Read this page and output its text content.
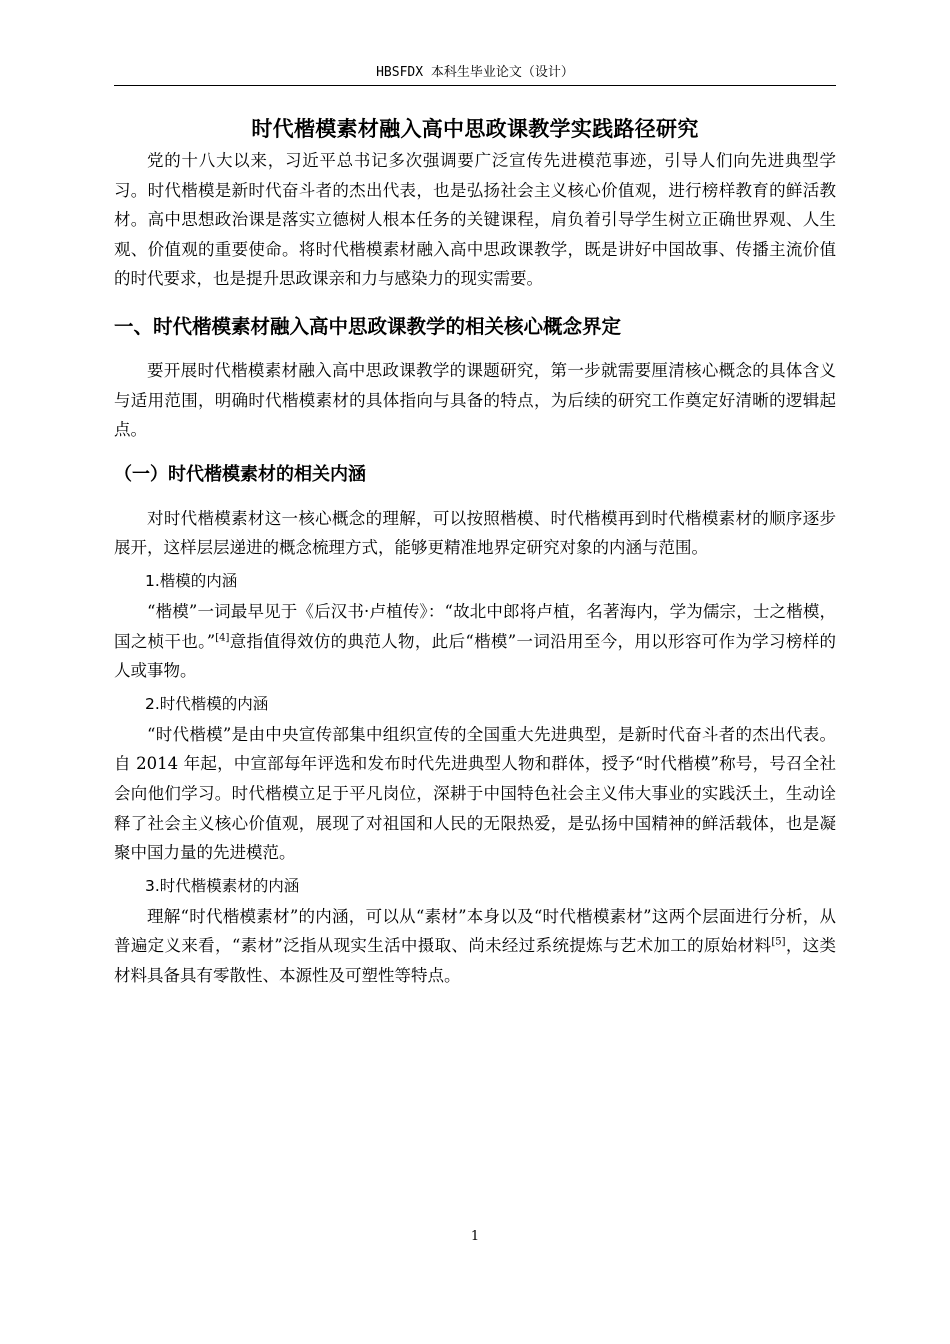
HBSFDX 本科生毕业论文（设计）
时代楷模素材融入高中思政课教学实践路径研究

党的十八大以来，习近平总书记多次强调要广泛宣传先进模范事迹，引导人们向先进典型学习。时代楷模是新时代奋斗者的杰出代表，也是弘扬社会主义核心价值观，进行榜样教育的鲜活教材。高中思想政治课是落实立德树人根本任务的关键课程，肩负着引导学生树立正确世界观、人生观、价值观的重要使命。将时代楷模素材融入高中思政课教学，既是讲好中国故事、传播主流价值的时代要求，也是提升思政课亲和力与感染力的现实需要。

一、时代楷模素材融入高中思政课教学的相关核心概念界定

要开展时代楷模素材融入高中思政课教学的课题研究，第一步就需要厘清核心概念的具体含义与适用范围，明确时代楷模素材的具体指向与具备的特点，为后续的研究工作奠定好清晰的逻辑起点。

（一）时代楷模素材的相关内涵

对时代楷模素材这一核心概念的理解，可以按照楷模、时代楷模再到时代楷模素材的顺序逐步展开，这样层层递进的概念梳理方式，能够更精准地界定研究对象的内涵与范围。

1.楷模的内涵

“楷模”一词最早见于《后汉书·卢植传》：“故北中郎将卢植，名著海内，学为儒宗，士之楷模，国之桢干也。”[4]意指值得效仿的典范人物，此后“楷模”一词沿用至今，用以形容可作为学习榜样的人或事物。

2.时代楷模的内涵

“时代楷模”是由中央宣传部集中组织宣传的全国重大先进典型，是新时代奋斗者的杰出代表。自 2014 年起，中宣部每年评选和发布时代先进典型人物和群体，授予“时代楷模”称号，号召全社会向他们学习。时代楷模立足于平凡岗位，深耕于中国特色社会主义伟大事业的实践沃土，生动诠释了社会主义核心价值观，展现了对祖国和人民的无限热爱，是弘扬中国精神的鲜活载体，也是凝聚中国力量的先进模范。

3.时代楷模素材的内涵

理解“时代楷模素材”的内涵，可以从“素材”本身以及“时代楷模素材”这两个层面进行分析，从普遍定义来看，“素材”泛指从现实生活中摄取、尚未经过系统提炼与艺术加工的原始材料[5]，这类材料具备具有零散性、本源性及可塑性等特点。

1
